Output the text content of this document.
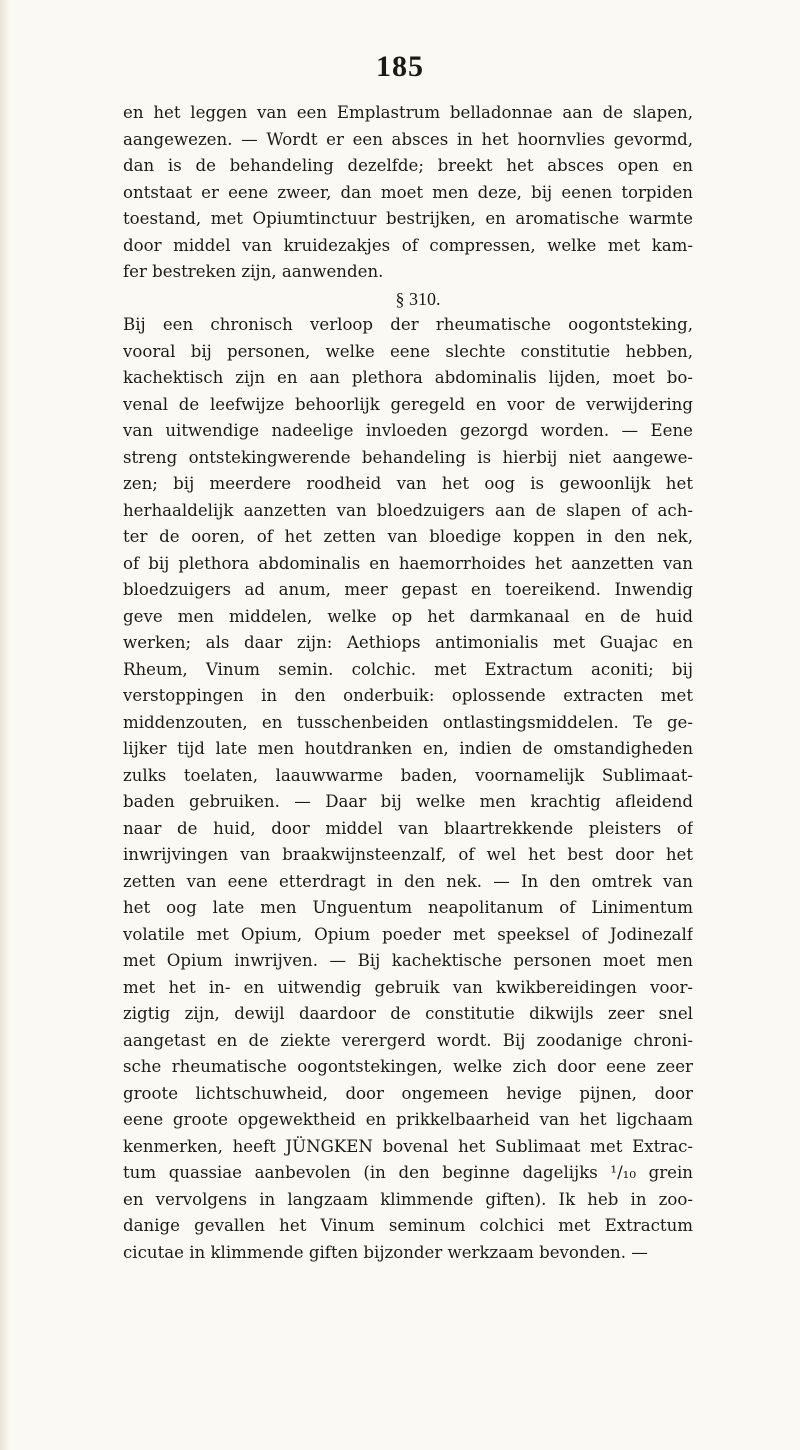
185
en het leggen van een Emplastrum belladonnae aan de slapen,
aangewezen. — Wordt er een absces in het hoornvlies gevormd,
dan is de behandeling dezelfde; breekt het absces open en
ontstaat er eene zweer, dan moet men deze, bij eenen torpiden
toestand, met Opiumtinctuur bestrijken, en aromatische warmte
door middel van kruidezakjes of compressen, welke met kam-
fer bestreken zijn, aanwenden.
§ 310.
Bij een chronisch verloop der rheumatische oogontsteking,
vooral bij personen, welke eene slechte constitutie hebben,
kachektisch zijn en aan plethora abdominalis lijden, moet bo-
venal de leefwijze behoorlijk geregeld en voor de verwijdering
van uitwendige nadeelige invloeden gezorgd worden. — Eene
streng ontstekingwerende behandeling is hierbij niet aangewe-
zen; bij meerdere roodheid van het oog is gewoonlijk het
herhaaldelijk aanzetten van bloedzuigers aan de slapen of ach-
ter de ooren, of het zetten van bloedige koppen in den nek,
of bij plethora abdominalis en haemorrhoides het aanzetten van
bloedzuigers ad anum, meer gepast en toereikend. Inwendig
geve men middelen, welke op het darmkanaal en de huid
werken; als daar zijn: Aethiops antimonialis met Guajac en
Rheum, Vinum semin. colchic. met Extractum aconiti; bij
verstoppingen in den onderbuik: oplossende extracten met
middenzouten, en tusschenbeiden ontlastingsmiddelen. Te ge-
lijker tijd late men houtdranken en, indien de omstandigheden
zulks toelaten, laauwwarme baden, voornamelijk Sublimaat-
baden gebruiken. — Daar bij welke men krachtig afleidend
naar de huid, door middel van blaartrekkende pleisters of
inwrijvingen van braakwijnsteenzalf, of wel het best door het
zetten van eene etterdragt in den nek. — In den omtrek van
het oog late men Unguentum neapolitanum of Linimentum
volatile met Opium, Opium poeder met speeksel of Jodinezalf
met Opium inwrijven. — Bij kachektische personen moet men
met het in- en uitwendig gebruik van kwikbereidingen voor-
zigtig zijn, dewijl daardoor de constitutie dikwijls zeer snel
aangetast en de ziekte verergerd wordt. Bij zoodanige chroni-
sche rheumatische oogontstekingen, welke zich door eene zeer
groote lichtschuwheid, door ongemeen hevige pijnen, door
eene groote opgewektheid en prikkelbaarheid van het ligchaam
kenmerken, heeft JÜNGKEN bovenal het Sublimaat met Extrac-
tum quassiae aanbevolen (in den beginne dagelijks ¹/₁₀ grein
en vervolgens in langzaam klimmende giften). Ik heb in zoo-
danige gevallen het Vinum seminum colchici met Extractum
cicutae in klimmende giften bijzonder werkzaam bevonden. —
